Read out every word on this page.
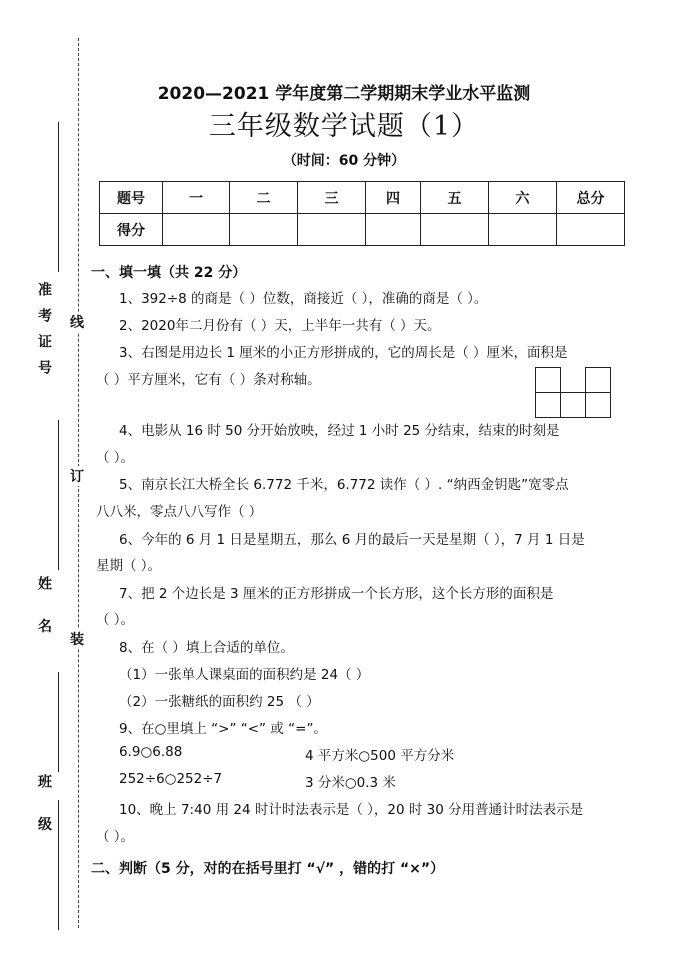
准考证号
姓 名
班 级
线
订
装
2020—2021 学年度第二学期期末学业水平监测
三年级数学试题（1）
（时间：60 分钟）
题号	一	二	三	四	五	六	总分
得分							
一、填一填（共 22 分）
1、392÷8 的商是（ ）位数，商接近（ ），准确的商是（ ）。
2、2020年二月份有（ ）天，上半年一共有（ ）天。
3、右图是用边长 1 厘米的小正方形拼成的，它的周长是（ ）厘米，面积是
（ ）平方厘米，它有（ ）条对称轴。
4、电影从 16 时 50 分开始放映，经过 1 小时 25 分结束，结束的时刻是
（ ）。
5、南京长江大桥全长 6.772 千米，6.772 读作（ ）. “纳西金钥匙”宽零点
八八米，零点八八写作（ ）
6、今年的 6 月 1 日是星期五，那么 6 月的最后一天是星期（ ），7 月 1 日是
星期（ ）。
7、把 2 个边长是 3 厘米的正方形拼成一个长方形，这个长方形的面积是
（ ）。
8、在（ ）填上合适的单位。
（1）一张单人课桌面的面积约是 24（ ）
（2）一张糖纸的面积约 25 （ ）
9、在○里填上 “>” “<” 或 “=”。
6.9○6.88	4 平方米○500 平方分米
252÷6○252÷7	3 分米○0.3 米
10、晚上 7:40 用 24 时计时法表示是（ ），20 时 30 分用普通计时法表示是
（ ）。
二、判断（5 分，对的在括号里打 “√” ，错的打 “×”）
